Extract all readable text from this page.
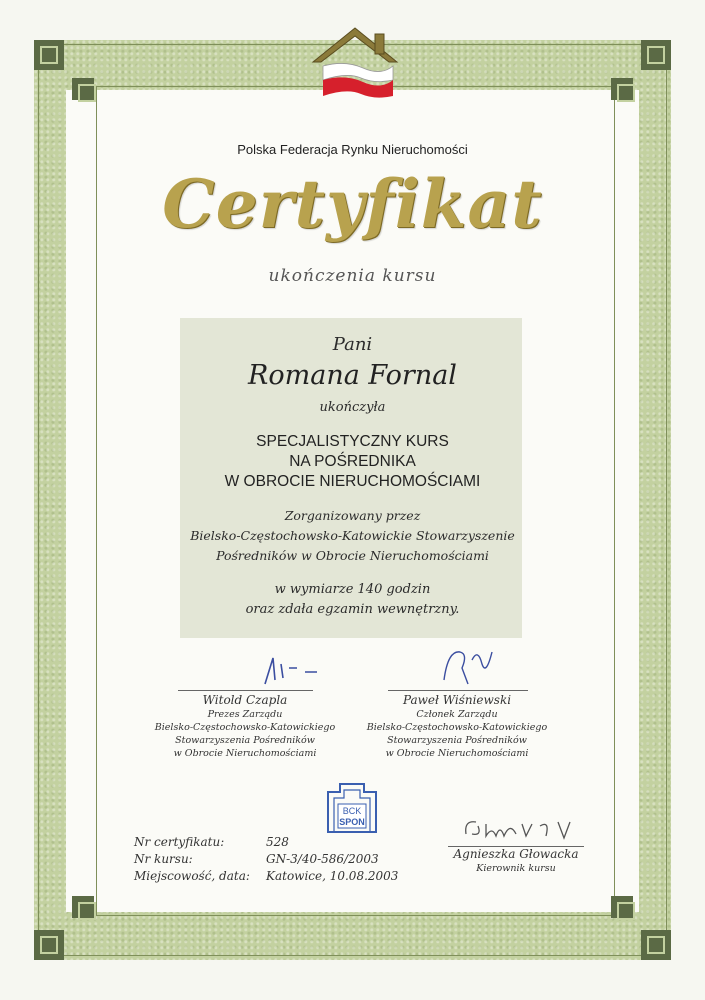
Polska Federacja Rynku Nieruchomości
Certyfikat
ukończenia kursu
Pani
Romana Fornal
ukończyła
SPECJALISTYCZNY KURS
NA POŚREDNIKA
W OBROCIE NIERUCHOMOŚCIAMI
Zorganizowany przez
Bielsko-Częstochowsko-Katowickie Stowarzyszenie
Pośredników w Obrocie Nieruchomościami
w wymiarze 140 godzin
oraz zdała egzamin wewnętrzny.
Witold Czapla
Prezes Zarządu
Bielsko-Częstochowsko-Katowickiego
Stowarzyszenia Pośredników
w Obrocie Nieruchomościami
Paweł Wiśniewski
Członek Zarządu
Bielsko-Częstochowsko-Katowickiego
Stowarzyszenia Pośredników
w Obrocie Nieruchomościami
Agnieszka Głowacka
Kierownik kursu
BCK
SPON
Nr certyfikatu:
Nr kursu:
Miejscowość, data:
528
GN-3/40-586/2003
Katowice, 10.08.2003
